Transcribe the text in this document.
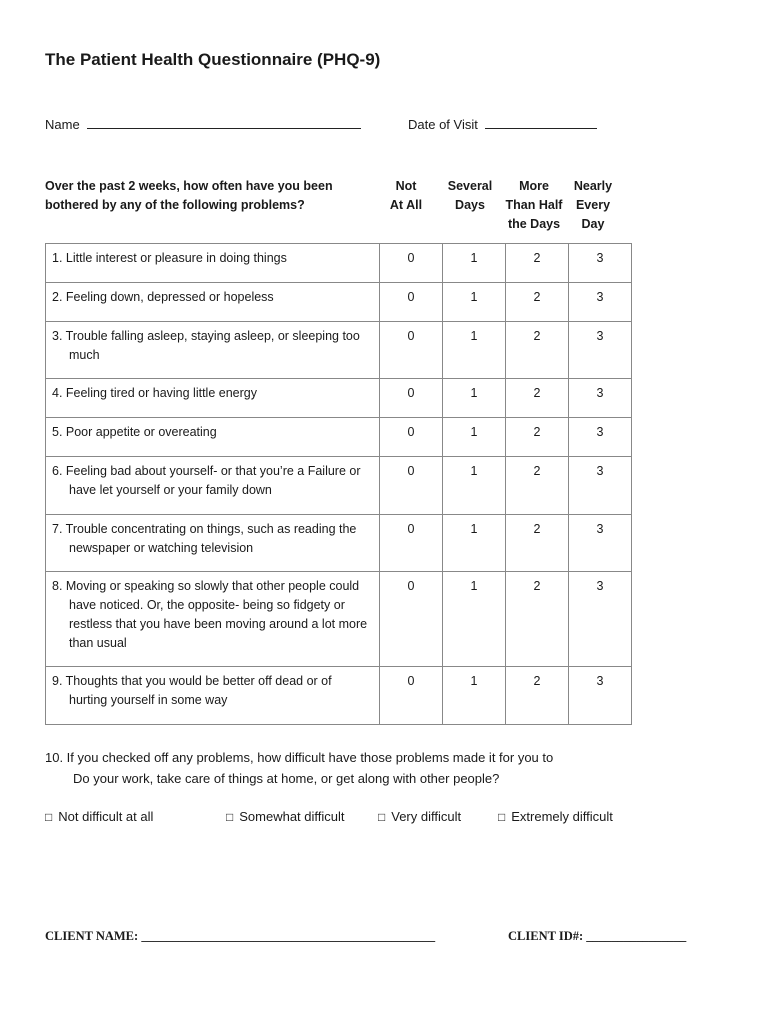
The Patient Health Questionnaire (PHQ-9)
Name	Date of Visit
Over the past 2 weeks, how often have you been bothered by any of the following problems?
Not
At All
Several
Days
More
Than Half
the Days
Nearly
Every
Day
1. Little interest or pleasure in doing things	0	1	2	3

2. Feeling down, depressed or hopeless	0	1	2	3

3. Trouble falling asleep, staying asleep, or sleeping too much	0	1	2	3

4. Feeling tired or having little energy	0	1	2	3

5. Poor appetite or overeating	0	1	2	3

6. Feeling bad about yourself- or that you’re a Failure or have let yourself or your family down	0	1	2	3

7. Trouble concentrating on things, such as reading the newspaper or watching television	0	1	2	3

8. Moving or speaking so slowly that other people could have noticed. Or, the opposite- being so fidgety or restless that you have been moving around a lot more than usual	0	1	2	3

9. Thoughts that you would be better off dead or of hurting yourself in some way	0	1	2	3
10. If you checked off any problems, how difficult have those problems made it for you to
Do your work, take care of things at home, or get along with other people?
□ Not difficult at all	□ Somewhat difficult	□ Very difficult	□ Extremely difficult
CLIENT NAME: _______________________________________________	CLIENT ID#: ________________
